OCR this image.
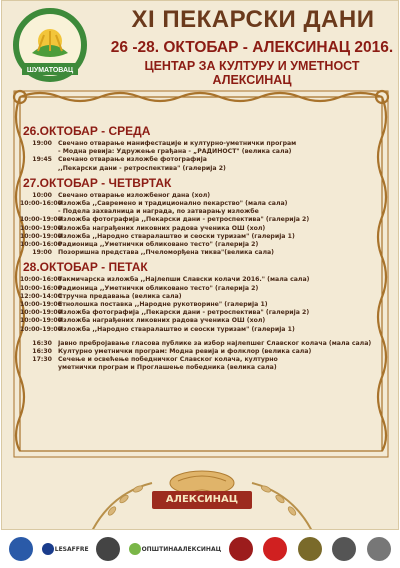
ШУМАТОВАЦ
XI ПЕКАРСКИ ДАНИ
26 -28. ОКТОБАР - АЛЕКСИНАЦ 2016.
ЦЕНТАР ЗА КУЛТУРУ И УМЕТНОСТ АЛЕКСИНАЦ
26.ОКТОБАР - СРЕДА
19:00 Свечано отварање манифестације и културно-уметнички програм
- Модна ревија: Удружење грађана - „РАДИНОСТ" (велика сала)
19:45 Свечано отварање изложбе фотографија
,,Пекарски дани - ретроспектива" (галерија 2)
27.ОКТОБАР - ЧЕТВРТАК
10:00 Свечано отварање изложбеног дана (хол)
10:00-16:00
Изложба ,,Савремено и традиционално пекарство" (мала сала)
- Подела захвалница и награда, по затварању изложбе
10:00-19:00
Изложба фотографија ,,Пекарски дани - ретроспектива" (галерија 2)
10:00-19:00
Изложба награђених ликовних радова ученика ОШ (хол)
10:00-19:00
Изложба ,,Народно стваралаштво и сеоски туризам" (галерија 1)
10:00-16:00
Радионица ,,Уметнички обликовано тесто" (галерија 2)
19:00 Позоришна представа ,,Пчеломорђена тиква"(велика сала)
28.ОКТОБАР - ПЕТАК
10:00-16:00
Такмичарска изложба ,,Најлепши Славски колачи 2016." (мала сала)
10:00-16:00
Радионица ,,Уметнички обликовано тесто" (галерија 2)
12:00-14:00
Стручна предавања (велика сала)
10:00-19:00
Етнолошка поставка ,,Народне рукотворине" (галерија 1)
10:00-19:00
Изложба фотографија ,,Пекарски дани - ретроспектива" (галерија 2)
10:00-19:00
Изложба награђених ликовних радова ученика ОШ (хол)
10:00-19:00
Изложба ,,Народно стваралаштво и сеоски туризам" (галерија 1)
16:30 Јавно пребројавање гласова публике за избор најлепшег Славског колача (мала сала)
16:30 Културно уметнички програм: Модна ревија и фолклор (велика сала)
17:30 Сечење и освећење победничког Славског колача, културно
уметнички програм и Проглашење победника (велика сала)
АЛЕКСИНАЦ
LESAFFRE	ОПШТИНААЛЕКСИНАЦ
